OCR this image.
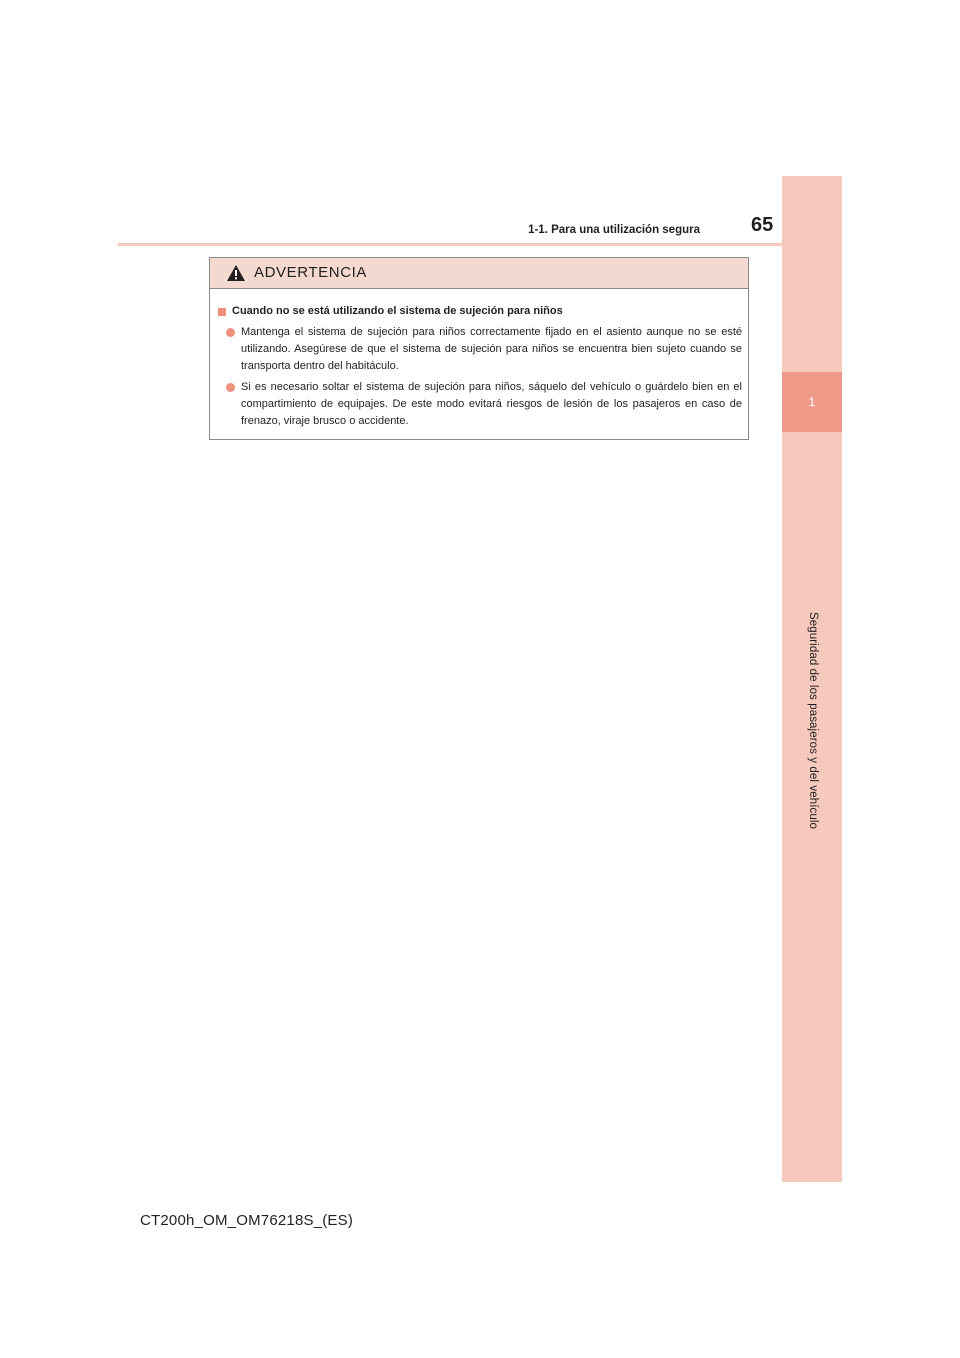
1
Seguridad de los pasajeros y del vehículo
1-1. Para una utilización segura	65
ADVERTENCIA
Cuando no se está utilizando el sistema de sujeción para niños
Mantenga el sistema de sujeción para niños correctamente fijado en el asiento aunque no se esté utilizando. Asegúrese de que el sistema de sujeción para niños se encuentra bien sujeto cuando se transporta dentro del habitáculo.
Si es necesario soltar el sistema de sujeción para niños, sáquelo del vehículo o guárdelo bien en el compartimiento de equipajes. De este modo evitará riesgos de lesión de los pasajeros en caso de frenazo, viraje brusco o accidente.
CT200h_OM_OM76218S_(ES)
